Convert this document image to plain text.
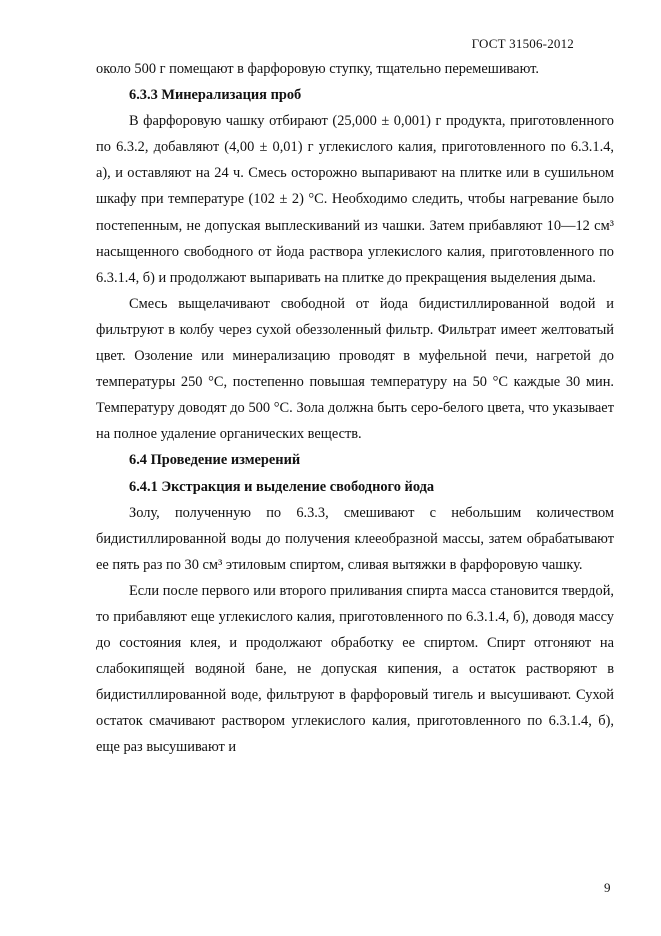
ГОСТ 31506-2012

около 500 г помещают в фарфоровую ступку, тщательно перемешивают.

6.3.3 Минерализация проб

В фарфоровую чашку отбирают (25,000 ± 0,001) г продукта, приготовленного по 6.3.2, добавляют (4,00 ± 0,01) г углекислого калия, приготовленного по 6.3.1.4, а), и оставляют на 24 ч. Смесь осторожно выпаривают на плитке или в сушильном шкафу при температуре (102 ± 2) °С. Необходимо следить, чтобы нагревание было постепенным, не допуская выплескиваний из чашки. Затем прибавляют 10—12 см³ насыщенного свободного от йода раствора углекислого калия, приготовленного по 6.3.1.4, б) и продолжают выпаривать на плитке до прекращения выделения дыма.

Смесь выщелачивают свободной от йода бидистиллированной водой и фильтруют в колбу через сухой обеззоленный фильтр. Фильтрат имеет желтоватый цвет. Озоление или минерализацию проводят в муфельной печи, нагретой до температуры 250 °С, постепенно повышая температуру на 50 °С каждые 30 мин. Температуру доводят до 500 °С. Зола должна быть серо-белого цвета, что указывает на полное удаление органических веществ.

6.4 Проведение измерений

6.4.1 Экстракция и выделение свободного йода

Золу, полученную по 6.3.3, смешивают с небольшим количеством бидистиллированной воды до получения клееобразной массы, затем обрабатывают ее пять раз по 30 см³ этиловым спиртом, сливая вытяжки в фарфоровую чашку.

Если после первого или второго приливания спирта масса становится твердой, то прибавляют еще углекислого калия, приготовленного по 6.3.1.4, б), доводя массу до состояния клея, и продолжают обработку ее спиртом. Спирт отгоняют на слабокипящей водяной бане, не допуская кипения, а остаток растворяют в бидистиллированной воде, фильтруют в фарфоровый тигель и высушивают. Сухой остаток смачивают раствором углекислого калия, приготовленного по 6.3.1.4, б), еще раз высушивают и

9
